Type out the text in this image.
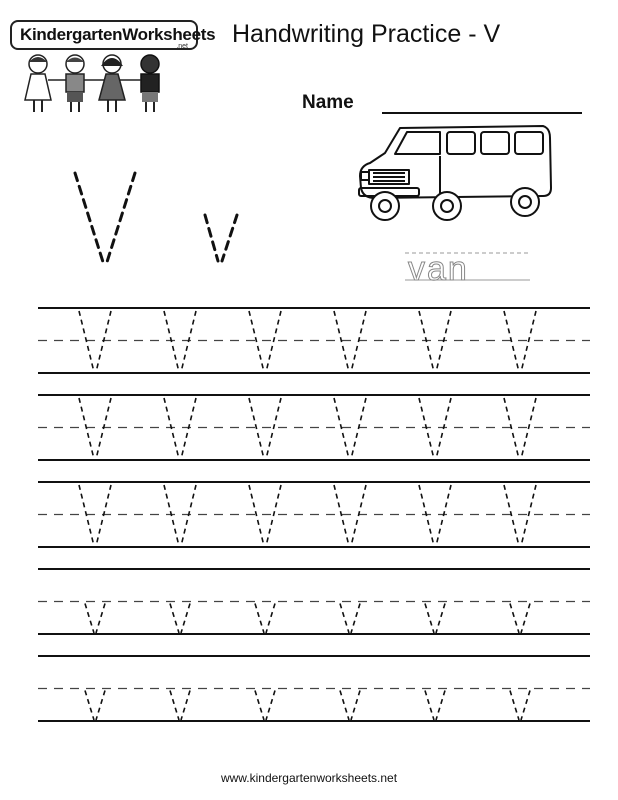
KindergartenWorksheets
.net Handwriting Practice - V
Name
van
www.kindergartenworksheets.net
